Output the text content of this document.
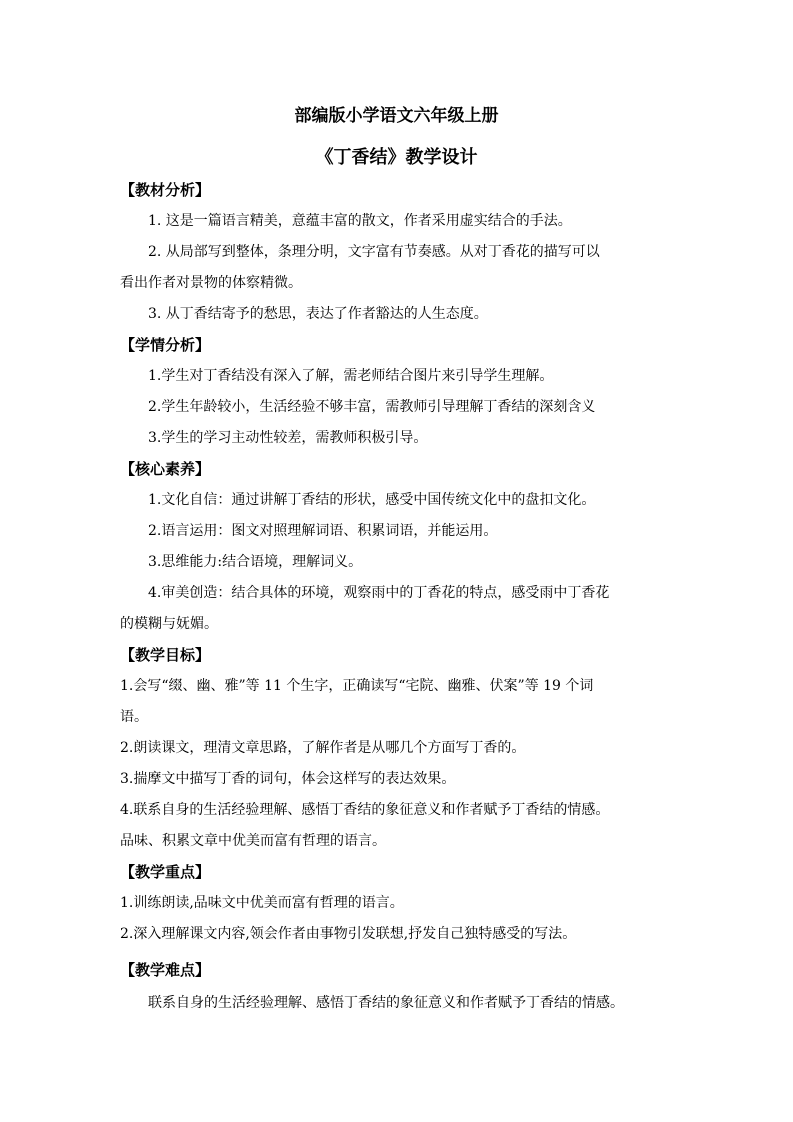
部编版小学语文六年级上册
《丁香结》教学设计
【教材分析】
1. 这是一篇语言精美，意蕴丰富的散文，作者采用虚实结合的手法。
2. 从局部写到整体，条理分明，文字富有节奏感。从对丁香花的描写可以
看出作者对景物的体察精微。
3. 从丁香结寄予的愁思，表达了作者豁达的人生态度。
【学情分析】
1.学生对丁香结没有深入了解，需老师结合图片来引导学生理解。
2.学生年龄较小，生活经验不够丰富，需教师引导理解丁香结的深刻含义
3.学生的学习主动性较差，需教师积极引导。
【核心素养】
1.文化自信：通过讲解丁香结的形状，感受中国传统文化中的盘扣文化。
2.语言运用：图文对照理解词语、积累词语，并能运用。
3.思维能力:结合语境，理解词义。
4.审美创造：结合具体的环境，观察雨中的丁香花的特点，感受雨中丁香花
的模糊与妩媚。
【教学目标】
1.会写“缀、幽、雅”等 11 个生字，正确读写“宅院、幽雅、伏案”等 19 个词
语。
2.朗读课文，理清文章思路，了解作者是从哪几个方面写丁香的。
3.揣摩文中描写丁香的词句，体会这样写的表达效果。
4.联系自身的生活经验理解、感悟丁香结的象征意义和作者赋予丁香结的情感。
品味、积累文章中优美而富有哲理的语言。
【教学重点】
1.训练朗读,品味文中优美而富有哲理的语言。
2.深入理解课文内容,领会作者由事物引发联想,抒发自己独特感受的写法。
【教学难点】
联系自身的生活经验理解、感悟丁香结的象征意义和作者赋予丁香结的情感。
